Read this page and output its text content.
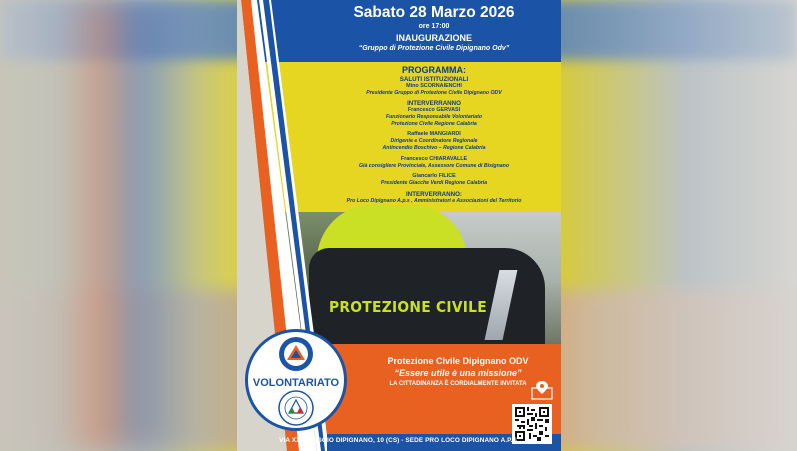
PROTEZIONE CIVILE
Sabato 28 Marzo 2026
ore 17:00
INAUGURAZIONE
“Gruppo di Protezione Civile Dipignano Odv”
PROGRAMMA:
SALUTI ISTITUZIONALI
Mino SCORNAIENCHI
Presidente Gruppo di Protezione Civile Dipignano ODV
INTERVERRANNO
Francesco GERVASI
Funzionario Responsabile Volontariato
Protezione Civile Regione Calabria
Raffaele MANGIARDI
Dirigente e Coordinatore Regionale
Antincendio Boschivo – Regione Calabria
Francesco CHIARAVALLE
Già consigliere Provinciale, Assessore Comune di Bisignano
Giancarlo FILICE
Presidente Giacche Verdi Regione Calabria
INTERVERRANNO:
Pro Loco Dipignano A.p.s , Amministratori e Associazioni del Territorio
VOLONTARIATO
Protezione Civile Dipignano ODV
“Essere utile è una missione”
LA CITTADINANZA È CORDIALMENTE INVITATA
VIA XXV MAGGIO DIPIGNANO, 10 (CS) - SEDE PRO LOCO DIPIGNANO A.P.S.
